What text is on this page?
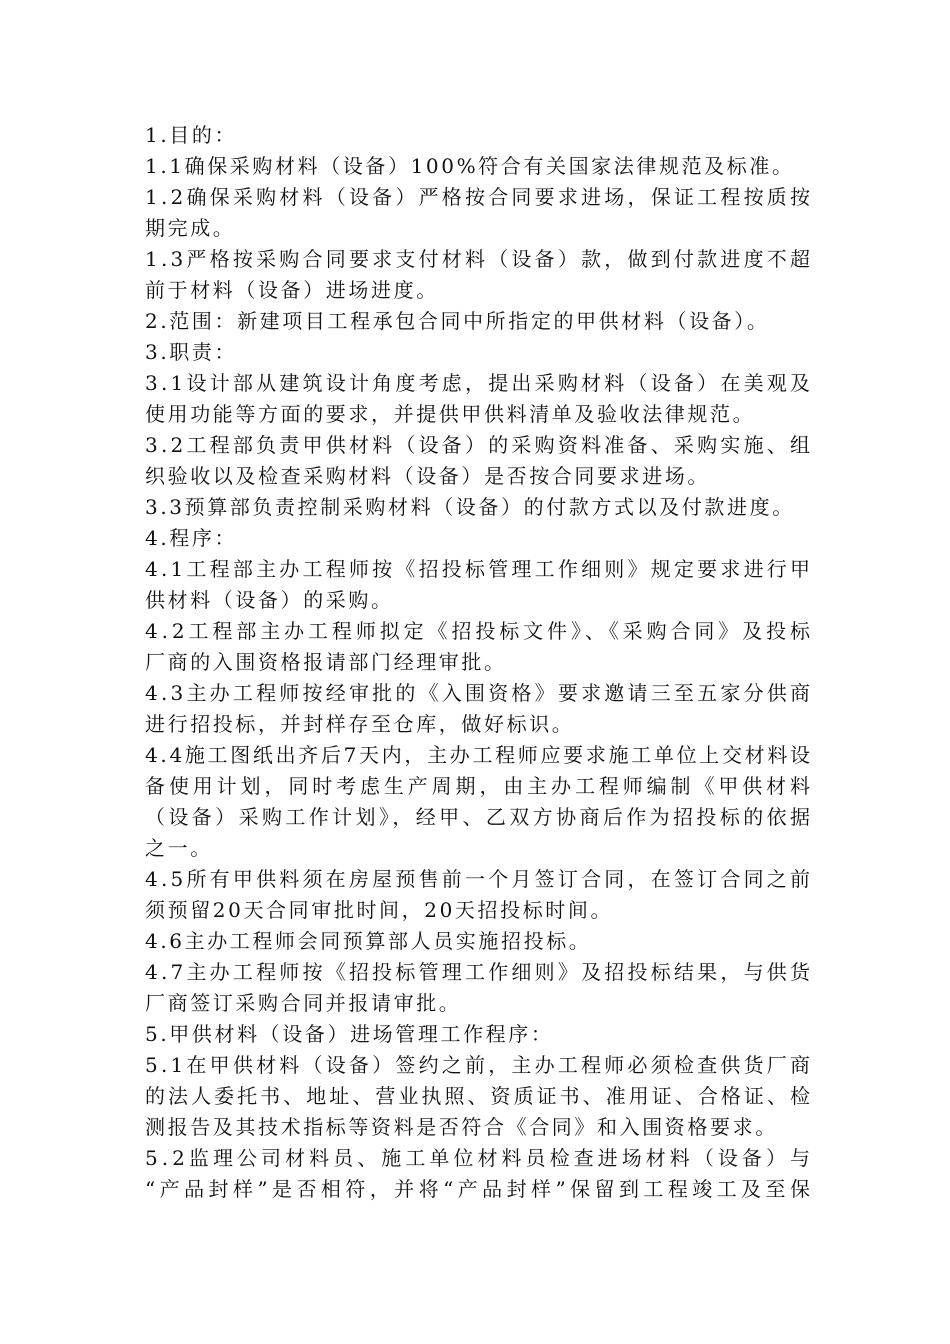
1.目的：
1.1确保采购材料（设备）100%符合有关国家法律规范及标准。
1.2确保采购材料（设备）严格按合同要求进场，保证工程按质按
期完成。
1.3严格按采购合同要求支付材料（设备）款，做到付款进度不超
前于材料（设备）进场进度。
2.范围：新建项目工程承包合同中所指定的甲供材料（设备）。
3.职责：
3.1设计部从建筑设计角度考虑，提出采购材料（设备）在美观及
使用功能等方面的要求，并提供甲供料清单及验收法律规范。
3.2工程部负责甲供材料（设备）的采购资料准备、采购实施、组
织验收以及检查采购材料（设备）是否按合同要求进场。
3.3预算部负责控制采购材料（设备）的付款方式以及付款进度。
4.程序：
4.1工程部主办工程师按《招投标管理工作细则》规定要求进行甲
供材料（设备）的采购。
4.2工程部主办工程师拟定《招投标文件》、《采购合同》及投标
厂商的入围资格报请部门经理审批。
4.3主办工程师按经审批的《入围资格》要求邀请三至五家分供商
进行招投标，并封样存至仓库，做好标识。
4.4施工图纸出齐后7天内，主办工程师应要求施工单位上交材料设
备使用计划，同时考虑生产周期，由主办工程师编制《甲供材料
（设备）采购工作计划》，经甲、乙双方协商后作为招投标的依据
之一。
4.5所有甲供料须在房屋预售前一个月签订合同，在签订合同之前
须预留20天合同审批时间，20天招投标时间。
4.6主办工程师会同预算部人员实施招投标。
4.7主办工程师按《招投标管理工作细则》及招投标结果，与供货
厂商签订采购合同并报请审批。
5.甲供材料（设备）进场管理工作程序：
5.1在甲供材料（设备）签约之前，主办工程师必须检查供货厂商
的法人委托书、地址、营业执照、资质证书、准用证、合格证、检
测报告及其技术指标等资料是否符合《合同》和入围资格要求。
5.2监理公司材料员、施工单位材料员检查进场材料（设备）与
“产品封样”是否相符，并将“产品封样”保留到工程竣工及至保
